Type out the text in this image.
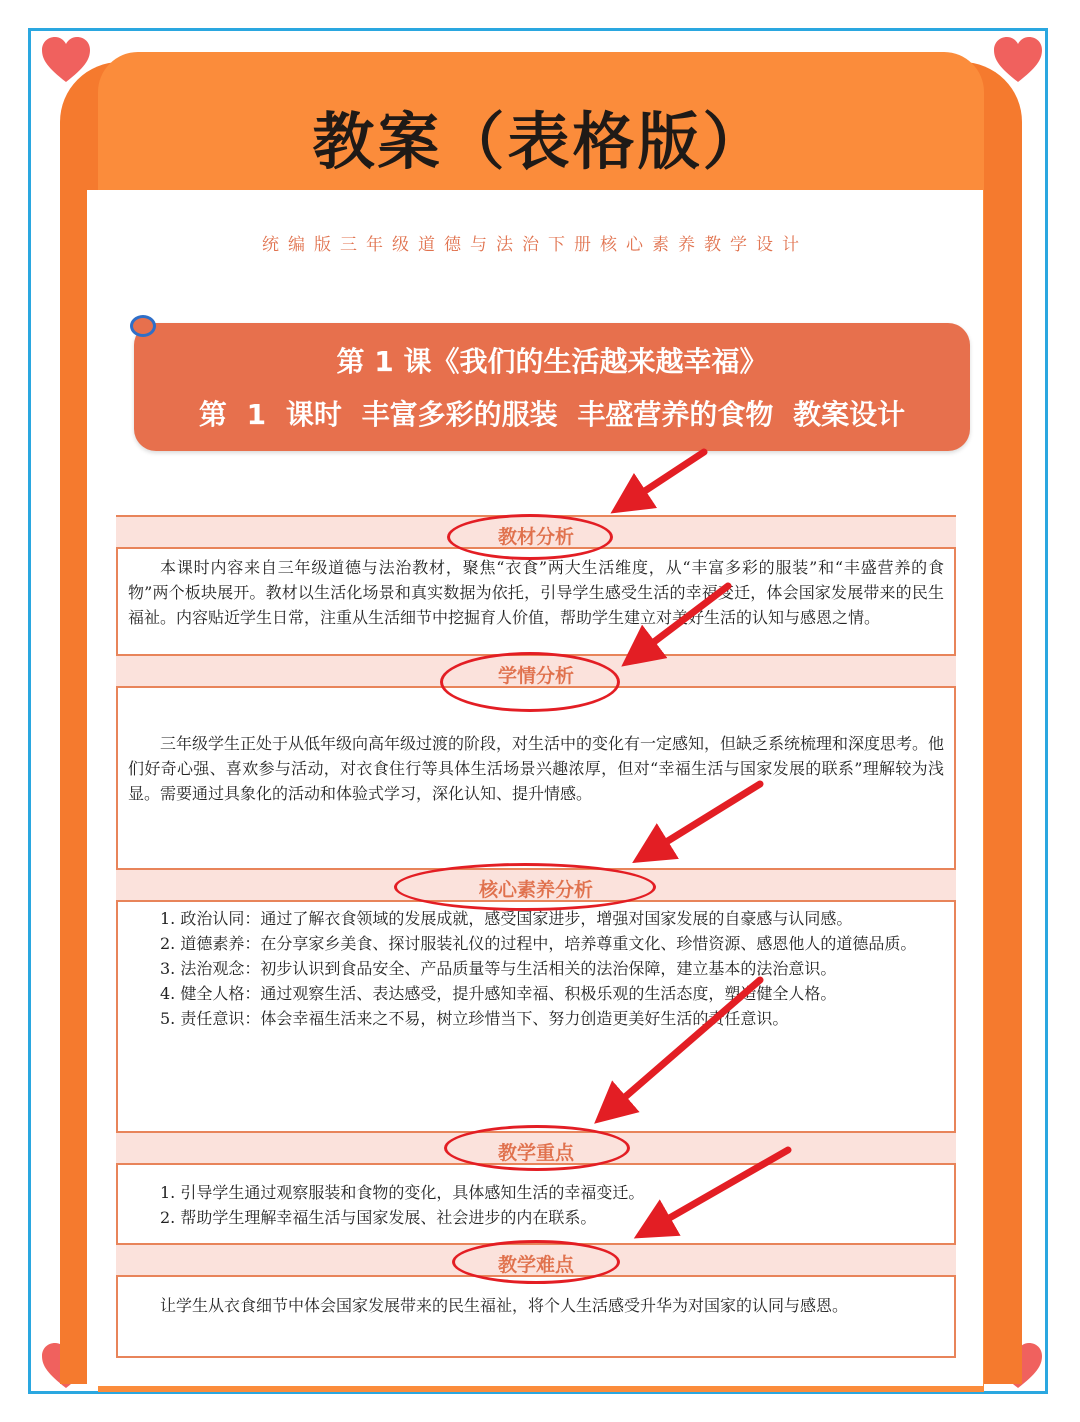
教案（表格版）
统编版三年级道德与法治下册核心素养教学设计
第 1 课《我们的生活越来越幸福》
第 1 课时 丰富多彩的服装 丰盛营养的食物 教案设计
教材分析

本课时内容来自三年级道德与法治教材，聚焦“衣食”两大生活维度，从“丰富多彩的服装”和“丰盛营养的食物”两个板块展开。教材以生活化场景和真实数据为依托，引导学生感受生活的幸福变迁，体会国家发展带来的民生福祉。内容贴近学生日常，注重从生活细节中挖掘育人价值，帮助学生建立对美好生活的认知与感恩之情。

学情分析

三年级学生正处于从低年级向高年级过渡的阶段，对生活中的变化有一定感知，但缺乏系统梳理和深度思考。他们好奇心强、喜欢参与活动，对衣食住行等具体生活场景兴趣浓厚，但对“幸福生活与国家发展的联系”理解较为浅显。需要通过具象化的活动和体验式学习，深化认知、提升情感。

核心素养分析

1. 政治认同：通过了解衣食领域的发展成就，感受国家进步，增强对国家发展的自豪感与认同感。

2. 道德素养：在分享家乡美食、探讨服装礼仪的过程中，培养尊重文化、珍惜资源、感恩他人的道德品质。

3. 法治观念：初步认识到食品安全、产品质量等与生活相关的法治保障，建立基本的法治意识。

4. 健全人格：通过观察生活、表达感受，提升感知幸福、积极乐观的生活态度，塑造健全人格。

5. 责任意识：体会幸福生活来之不易，树立珍惜当下、努力创造更美好生活的责任意识。

教学重点

1. 引导学生通过观察服装和食物的变化，具体感知生活的幸福变迁。

2. 帮助学生理解幸福生活与国家发展、社会进步的内在联系。

教学难点

让学生从衣食细节中体会国家发展带来的民生福祉，将个人生活感受升华为对国家的认同与感恩。
